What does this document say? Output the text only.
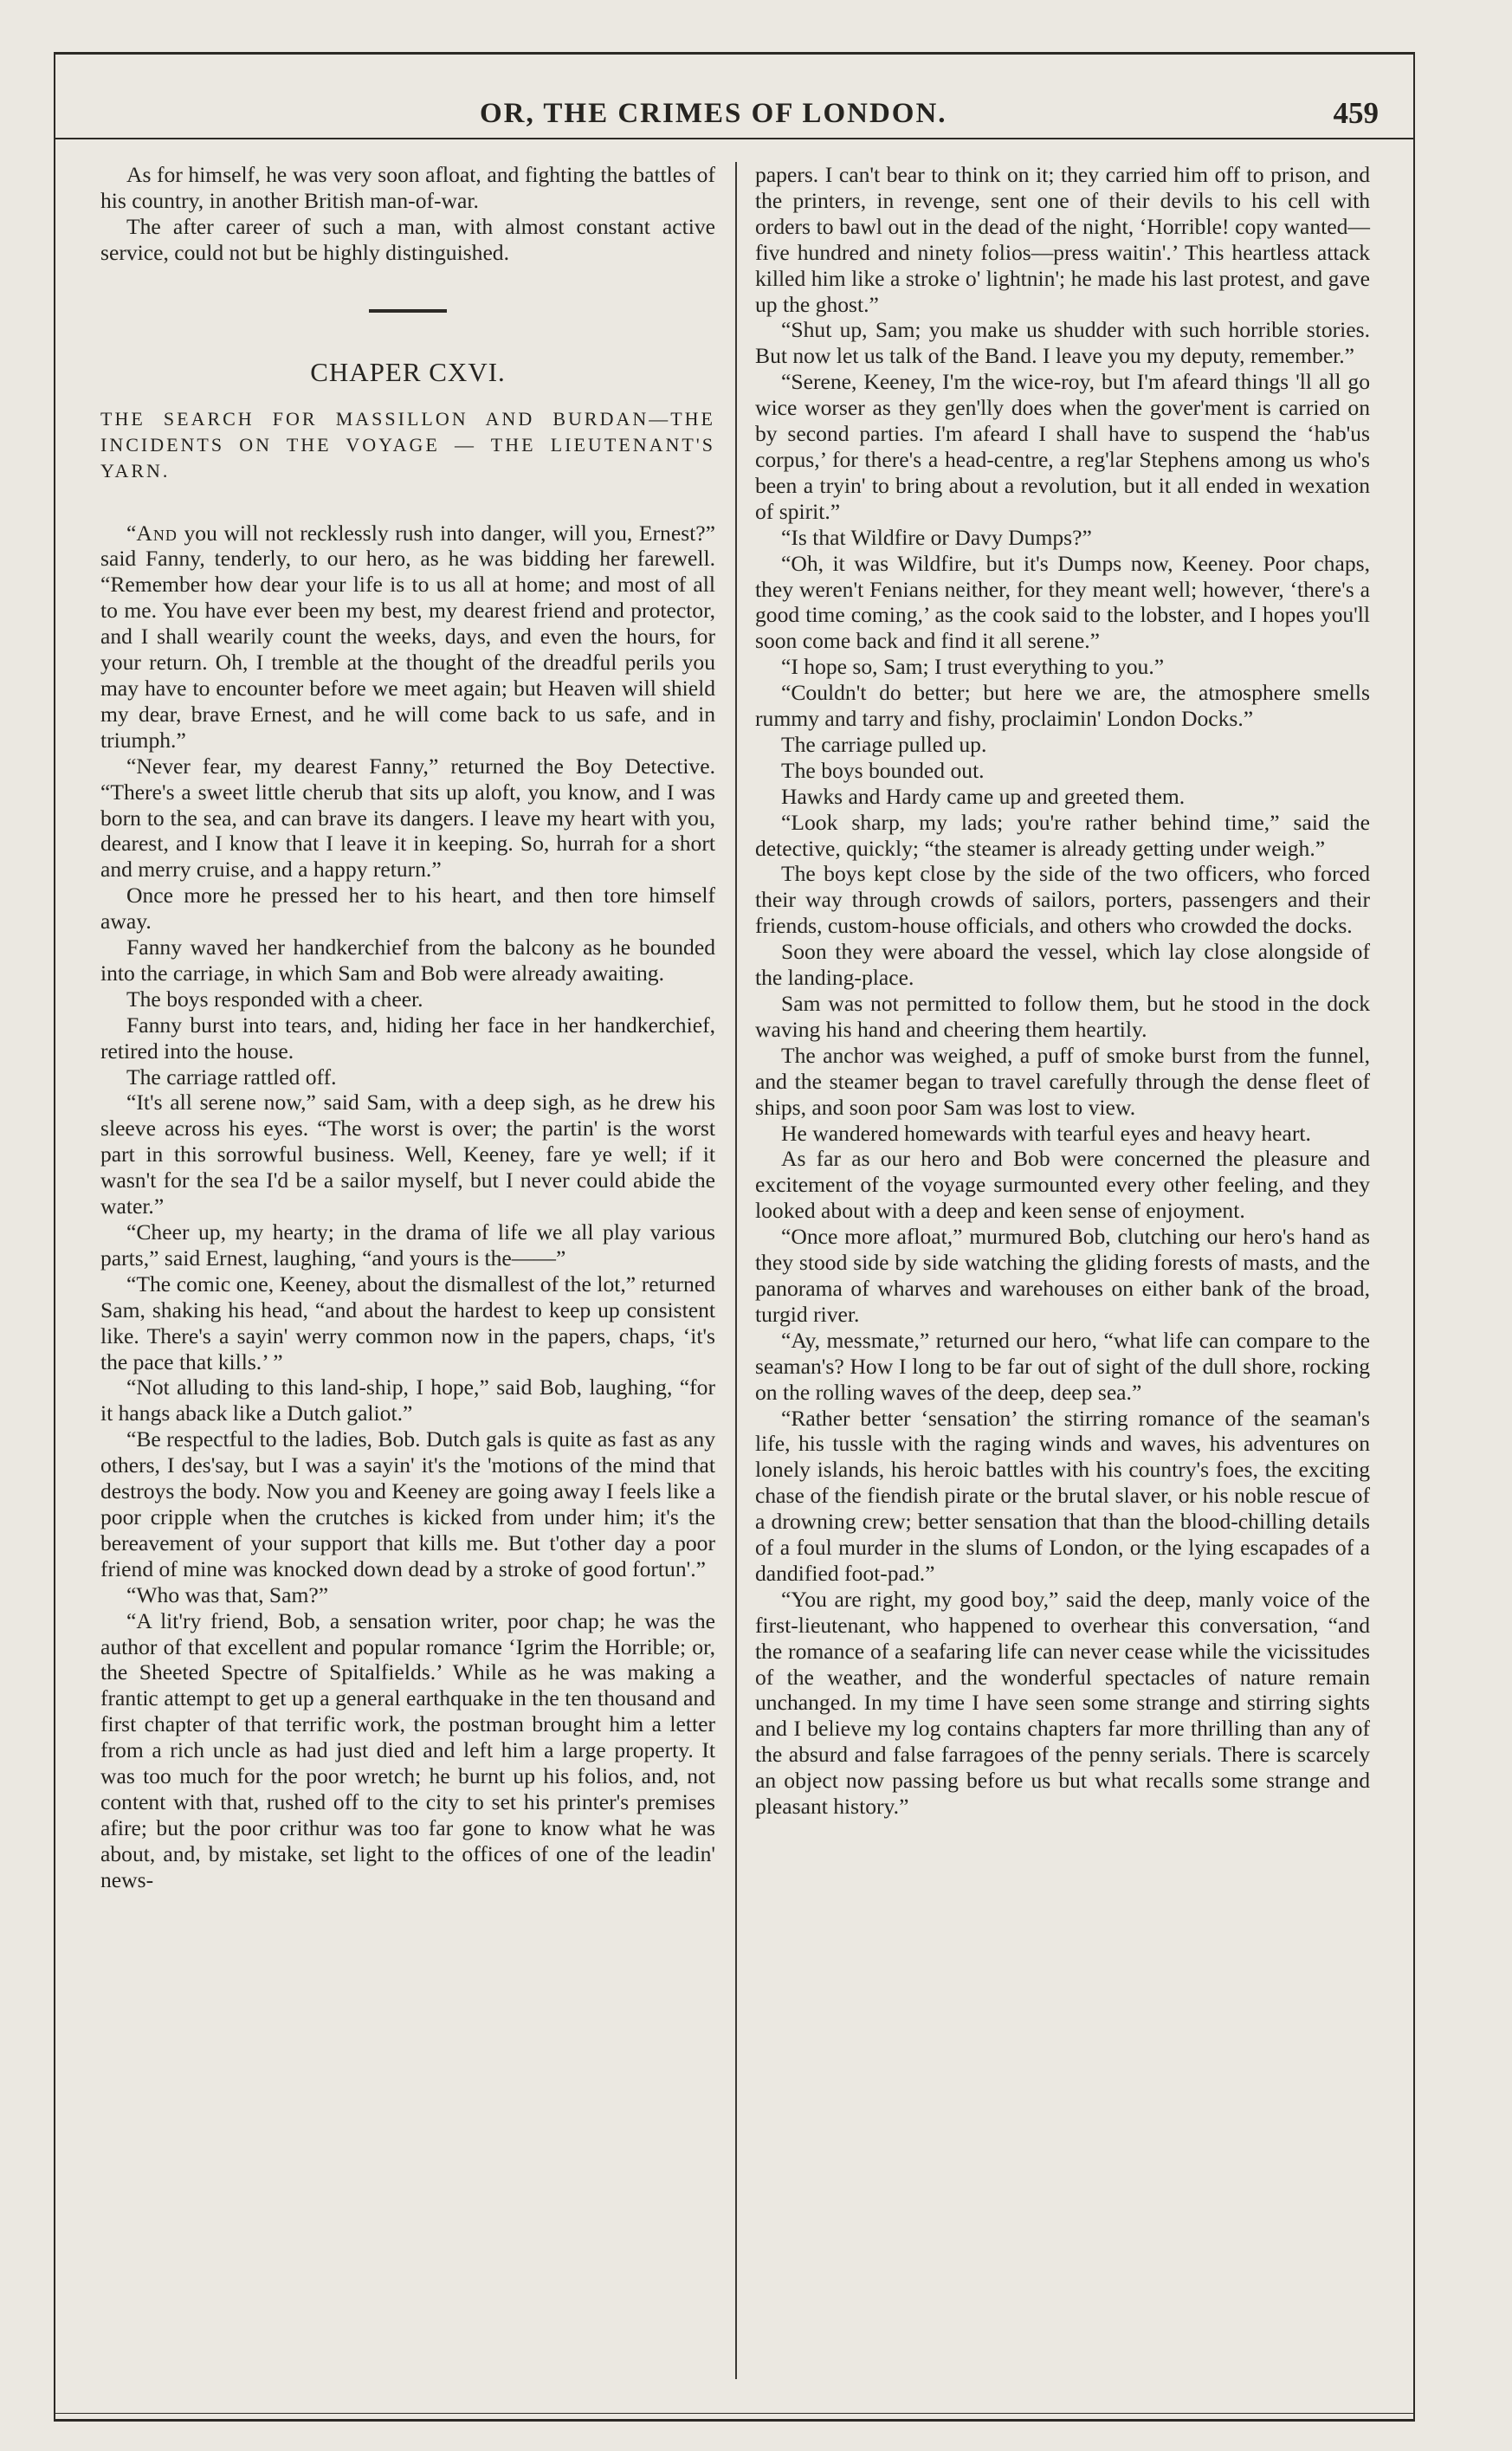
OR, THE CRIMES OF LONDON.	459

As for himself, he was very soon afloat, and fighting the battles of his country, in another British man-of-war.

The after career of such a man, with almost constant active service, could not but be highly distinguished.

CHAPER CXVI.
THE SEARCH FOR MASSILLON AND BURDAN—THE INCIDENTS ON THE VOYAGE — THE LIEUTENANT'S YARN.

“And you will not recklessly rush into danger, will you, Ernest?” said Fanny, tenderly, to our hero, as he was bidding her farewell. “Remember how dear your life is to us all at home; and most of all to me. You have ever been my best, my dearest friend and protector, and I shall wearily count the weeks, days, and even the hours, for your return. Oh, I tremble at the thought of the dreadful perils you may have to encounter before we meet again; but Heaven will shield my dear, brave Ernest, and he will come back to us safe, and in triumph.”

“Never fear, my dearest Fanny,” returned the Boy Detective. “There's a sweet little cherub that sits up aloft, you know, and I was born to the sea, and can brave its dangers. I leave my heart with you, dearest, and I know that I leave it in keeping. So, hurrah for a short and merry cruise, and a happy return.”

Once more he pressed her to his heart, and then tore himself away.

Fanny waved her handkerchief from the balcony as he bounded into the carriage, in which Sam and Bob were already awaiting.

The boys responded with a cheer.

Fanny burst into tears, and, hiding her face in her handkerchief, retired into the house.

The carriage rattled off.

“It's all serene now,” said Sam, with a deep sigh, as he drew his sleeve across his eyes. “The worst is over; the partin' is the worst part in this sorrowful business. Well, Keeney, fare ye well; if it wasn't for the sea I'd be a sailor myself, but I never could abide the water.”

“Cheer up, my hearty; in the drama of life we all play various parts,” said Ernest, laughing, “and yours is the——”

“The comic one, Keeney, about the dismallest of the lot,” returned Sam, shaking his head, “and about the hardest to keep up consistent like. There's a sayin' werry common now in the papers, chaps, ‘it's the pace that kills.’ ”

“Not alluding to this land-ship, I hope,” said Bob, laughing, “for it hangs aback like a Dutch galiot.”

“Be respectful to the ladies, Bob. Dutch gals is quite as fast as any others, I des'say, but I was a sayin' it's the 'motions of the mind that destroys the body. Now you and Keeney are going away I feels like a poor cripple when the crutches is kicked from under him; it's the bereavement of your support that kills me. But t'other day a poor friend of mine was knocked down dead by a stroke of good fortun'.”

“Who was that, Sam?”

“A lit'ry friend, Bob, a sensation writer, poor chap; he was the author of that excellent and popular romance ‘Igrim the Horrible; or, the Sheeted Spectre of Spitalfields.’ While as he was making a frantic attempt to get up a general earthquake in the ten thousand and first chapter of that terrific work, the postman brought him a letter from a rich uncle as had just died and left him a large property. It was too much for the poor wretch; he burnt up his folios, and, not content with that, rushed off to the city to set his printer's premises afire; but the poor crithur was too far gone to know what he was about, and, by mistake, set light to the offices of one of the leadin' news-

papers. I can't bear to think on it; they carried him off to prison, and the printers, in revenge, sent one of their devils to his cell with orders to bawl out in the dead of the night, ‘Horrible! copy wanted—five hundred and ninety folios—press waitin'.’ This heartless attack killed him like a stroke o' lightnin'; he made his last protest, and gave up the ghost.”

“Shut up, Sam; you make us shudder with such horrible stories. But now let us talk of the Band. I leave you my deputy, remember.”

“Serene, Keeney, I'm the wice-roy, but I'm afeard things 'll all go wice worser as they gen'lly does when the gover'ment is carried on by second parties. I'm afeard I shall have to suspend the ‘hab'us corpus,’ for there's a head-centre, a reg'lar Stephens among us who's been a tryin' to bring about a revolution, but it all ended in wexation of spirit.”

“Is that Wildfire or Davy Dumps?”

“Oh, it was Wildfire, but it's Dumps now, Keeney. Poor chaps, they weren't Fenians neither, for they meant well; however, ‘there's a good time coming,’ as the cook said to the lobster, and I hopes you'll soon come back and find it all serene.”

“I hope so, Sam; I trust everything to you.”

“Couldn't do better; but here we are, the atmosphere smells rummy and tarry and fishy, proclaimin' London Docks.”

The carriage pulled up.

The boys bounded out.

Hawks and Hardy came up and greeted them.

“Look sharp, my lads; you're rather behind time,” said the detective, quickly; “the steamer is already getting under weigh.”

The boys kept close by the side of the two officers, who forced their way through crowds of sailors, porters, passengers and their friends, custom-house officials, and others who crowded the docks.

Soon they were aboard the vessel, which lay close alongside of the landing-place.

Sam was not permitted to follow them, but he stood in the dock waving his hand and cheering them heartily.

The anchor was weighed, a puff of smoke burst from the funnel, and the steamer began to travel carefully through the dense fleet of ships, and soon poor Sam was lost to view.

He wandered homewards with tearful eyes and heavy heart.

As far as our hero and Bob were concerned the pleasure and excitement of the voyage surmounted every other feeling, and they looked about with a deep and keen sense of enjoyment.

“Once more afloat,” murmured Bob, clutching our hero's hand as they stood side by side watching the gliding forests of masts, and the panorama of wharves and warehouses on either bank of the broad, turgid river.

“Ay, messmate,” returned our hero, “what life can compare to the seaman's? How I long to be far out of sight of the dull shore, rocking on the rolling waves of the deep, deep sea.”

“Rather better ‘sensation’ the stirring romance of the seaman's life, his tussle with the raging winds and waves, his adventures on lonely islands, his heroic battles with his country's foes, the exciting chase of the fiendish pirate or the brutal slaver, or his noble rescue of a drowning crew; better sensation that than the blood-chilling details of a foul murder in the slums of London, or the lying escapades of a dandified foot-pad.”

“You are right, my good boy,” said the deep, manly voice of the first-lieutenant, who happened to overhear this conversation, “and the romance of a seafaring life can never cease while the vicissitudes of the weather, and the wonderful spectacles of nature remain unchanged. In my time I have seen some strange and stirring sights and I believe my log contains chapters far more thrilling than any of the absurd and false farragoes of the penny serials. There is scarcely an object now passing before us but what recalls some strange and pleasant history.”
